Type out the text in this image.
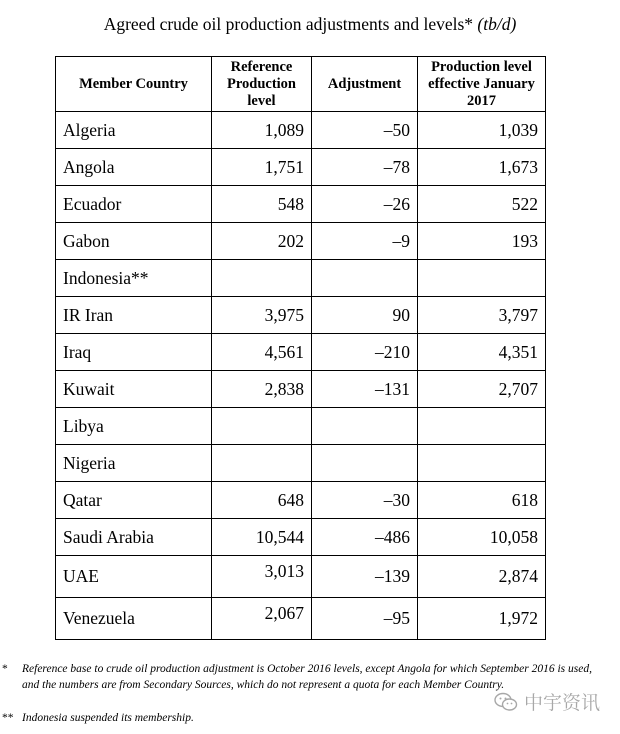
Agreed crude oil production adjustments and levels* (tb/d)
Member Country	Reference Production level	Adjustment	Production level effective January 2017
Algeria	1,089	–50	1,039
Angola	1,751	–78	1,673
Ecuador	548	–26	522
Gabon	202	–9	193
Indonesia**			
IR Iran	3,975	90	3,797
Iraq	4,561	–210	4,351
Kuwait	2,838	–131	2,707
Libya			
Nigeria			
Qatar	648	–30	618
Saudi Arabia	10,544	–486	10,058
UAE	3,013	–139	2,874
Venezuela	2,067	–95	1,972
* Reference base to crude oil production adjustment is October 2016 levels, except Angola for which September 2016 is used, and the numbers are from Secondary Sources, which do not represent a quota for each Member Country.
** Indonesia suspended its membership.
中宇资讯
